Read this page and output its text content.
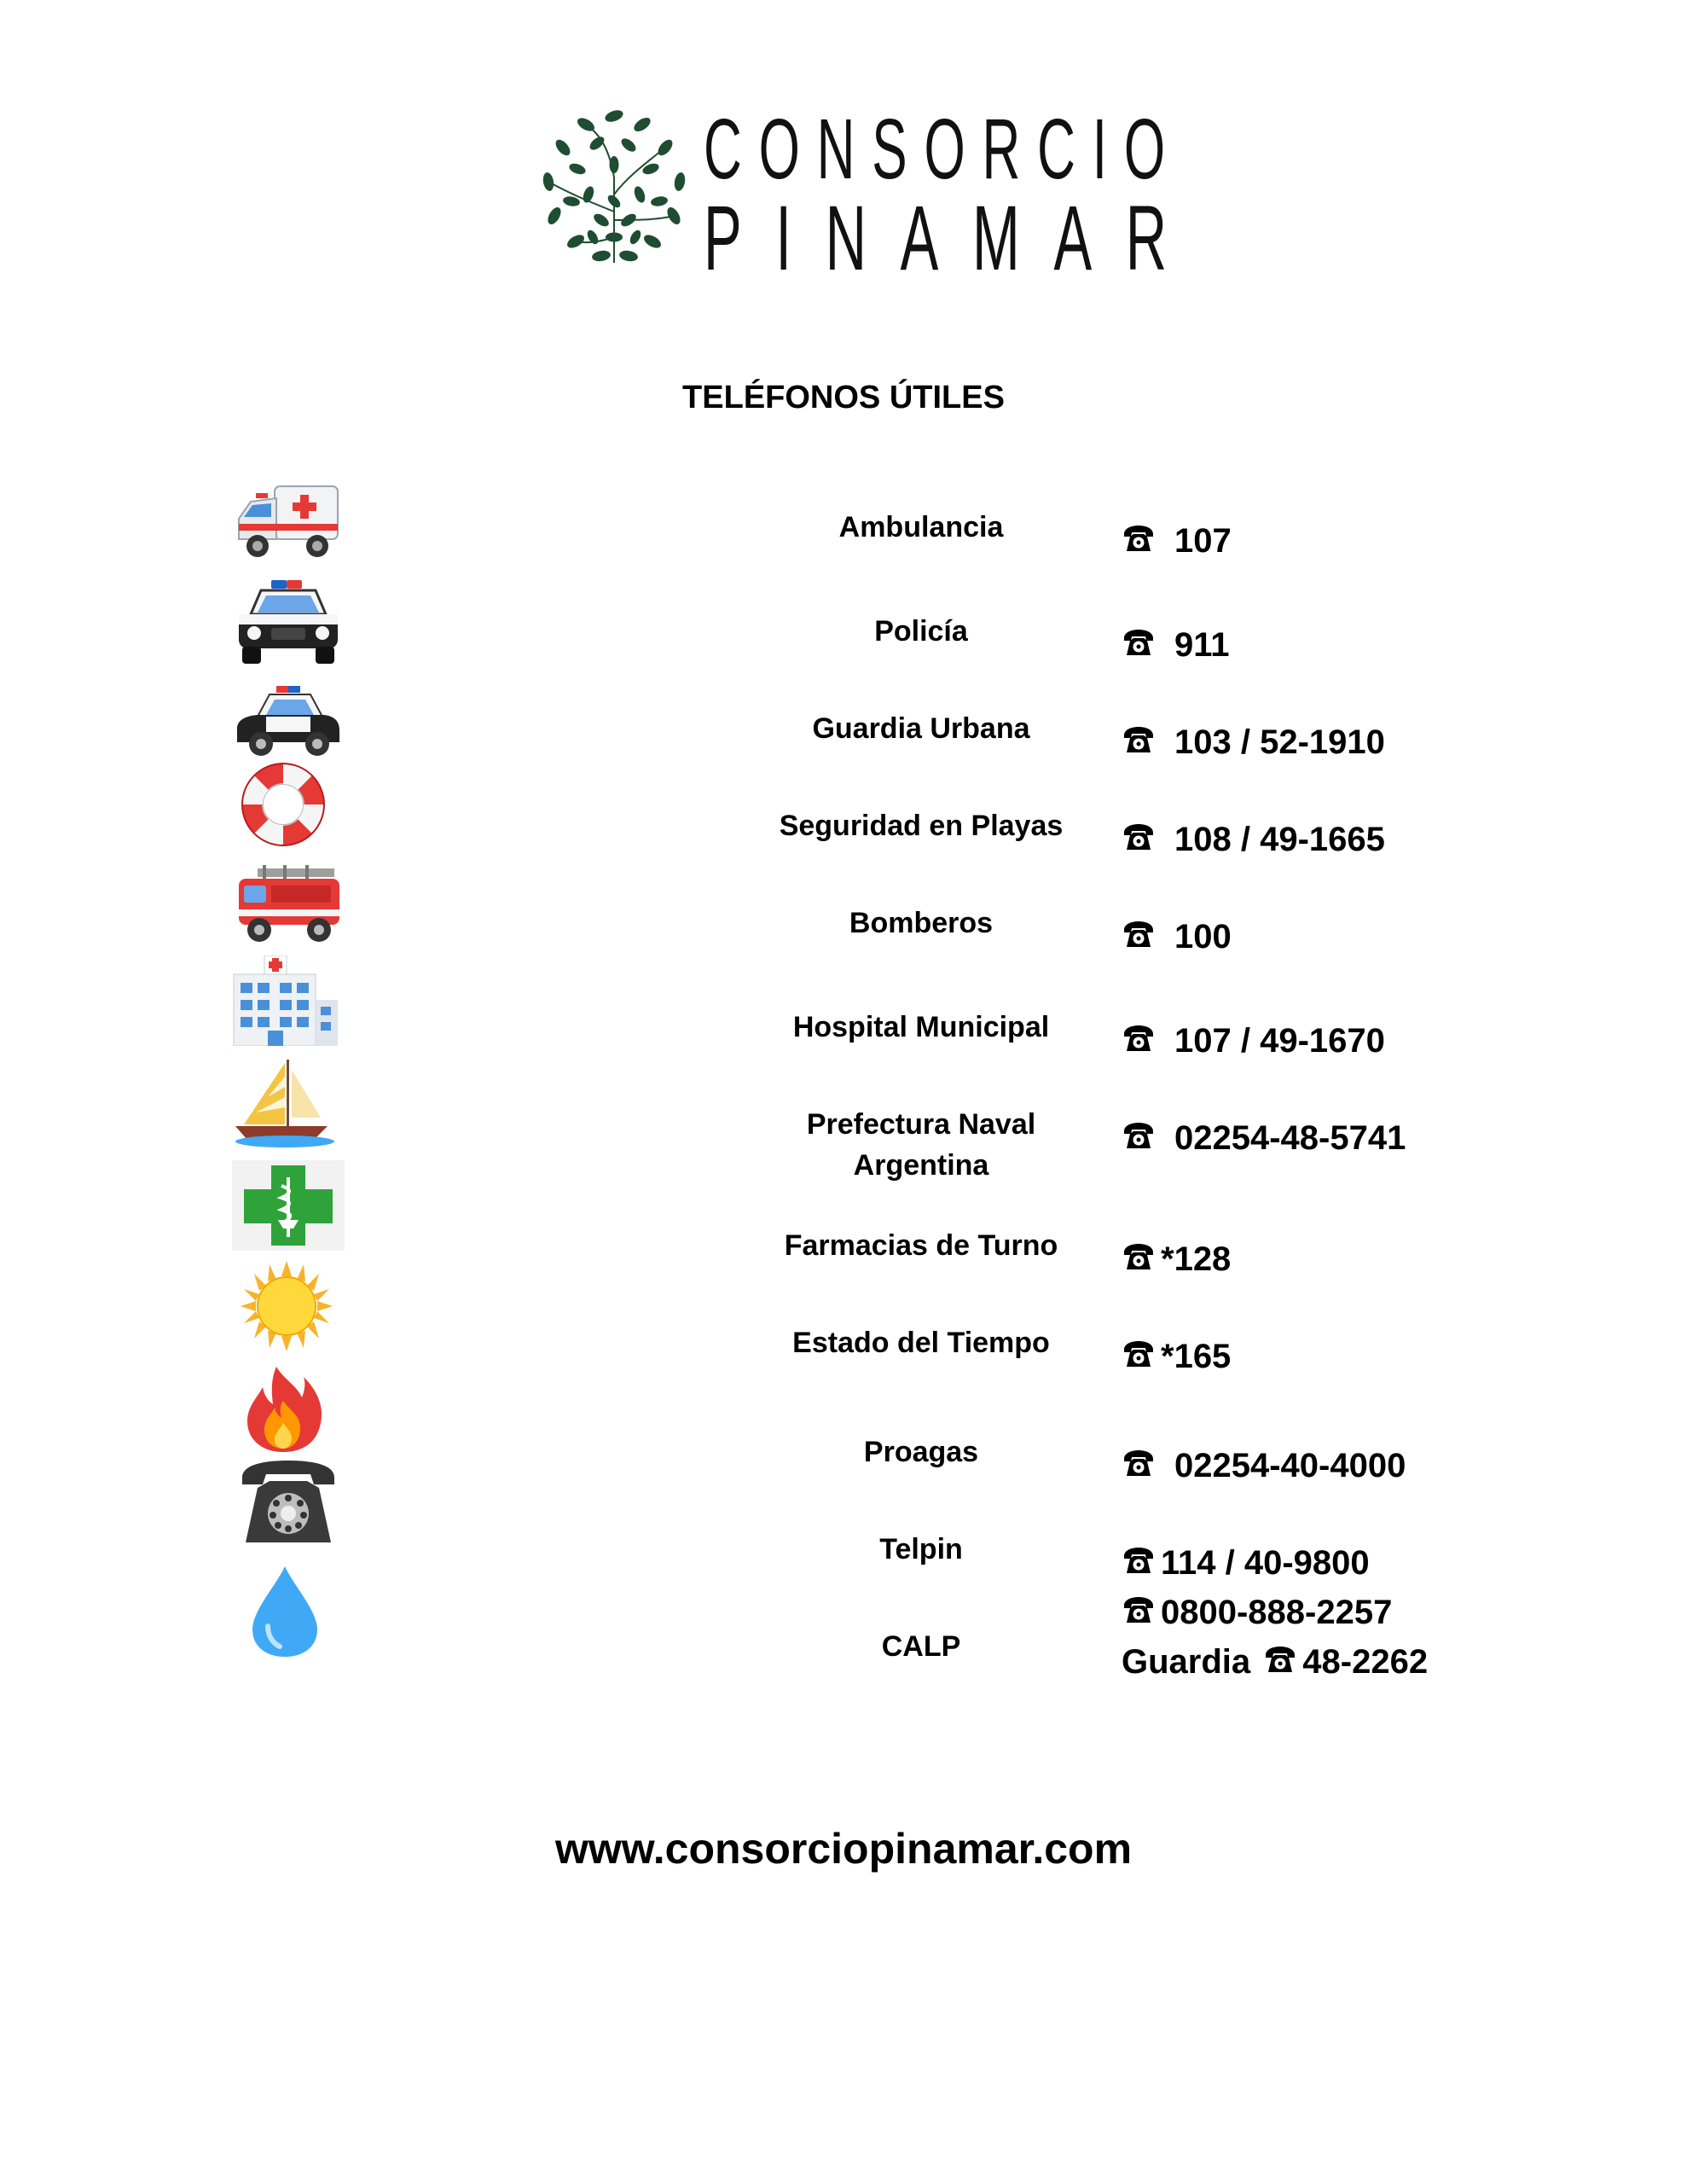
CONSORCIO
PINAMAR
TELÉFONOS ÚTILES
Ambulancia
Policía
Guardia Urbana
Seguridad en Playas
Bomberos
Hospital Municipal
Prefectura Naval
Argentina
Farmacias de Turno
Estado del Tiempo
Proagas
Telpin
CALP
107
911
103 / 52-1910
108 / 49-1665
100
107 / 49-1670
02254-48-5741
*128
*165
02254-40-4000
114 / 40-9800
0800-888-2257
Guardia 48-2262
www.consorciopinamar.com
